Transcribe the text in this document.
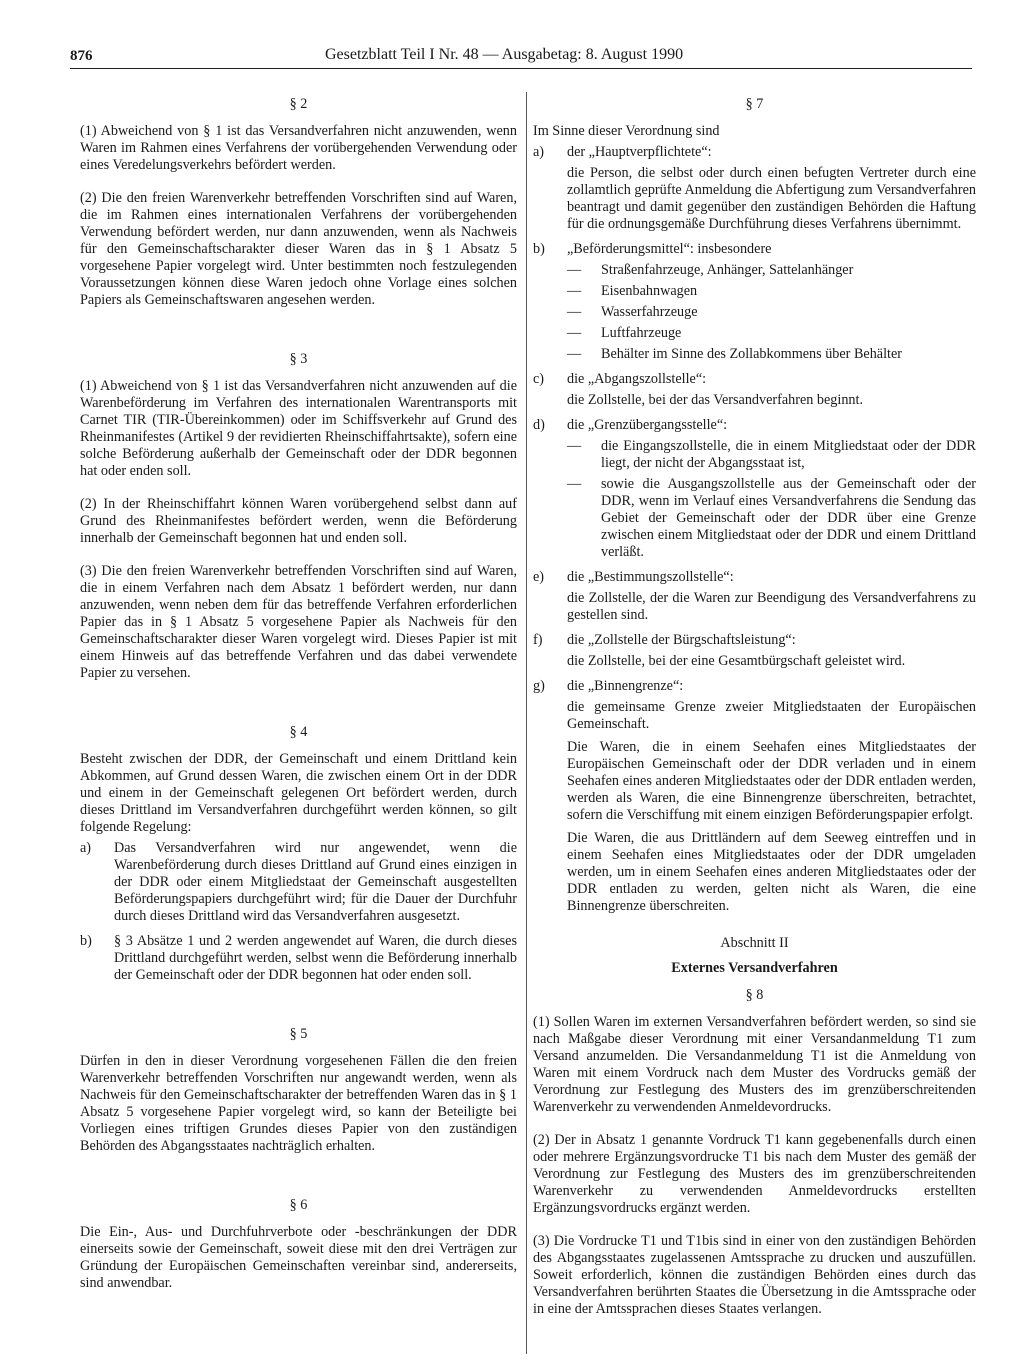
876	Gesetzblatt Teil I Nr. 48 — Ausgabetag: 8. August 1990
§ 2

(1) Abweichend von § 1 ist das Versandverfahren nicht anzuwenden, wenn Waren im Rahmen eines Verfahrens der vorübergehenden Verwendung oder eines Veredelungsverkehrs befördert werden.

(2) Die den freien Warenverkehr betreffenden Vorschriften sind auf Waren, die im Rahmen eines internationalen Verfahrens der vorübergehenden Verwendung befördert werden, nur dann anzuwenden, wenn als Nachweis für den Gemeinschaftscharakter dieser Waren das in § 1 Absatz 5 vorgesehene Papier vorgelegt wird. Unter bestimmten noch festzulegenden Voraussetzungen können diese Waren jedoch ohne Vorlage eines solchen Papiers als Gemeinschaftswaren angesehen werden.

§ 3

(1) Abweichend von § 1 ist das Versandverfahren nicht anzuwenden auf die Warenbeförderung im Verfahren des internationalen Warentransports mit Carnet TIR (TIR-Übereinkommen) oder im Schiffsverkehr auf Grund des Rheinmanifestes (Artikel 9 der revidierten Rheinschiffahrtsakte), sofern eine solche Beförderung außerhalb der Gemeinschaft oder der DDR begonnen hat oder enden soll.

(2) In der Rheinschiffahrt können Waren vorübergehend selbst dann auf Grund des Rheinmanifestes befördert werden, wenn die Beförderung innerhalb der Gemeinschaft begonnen hat und enden soll.

(3) Die den freien Warenverkehr betreffenden Vorschriften sind auf Waren, die in einem Verfahren nach dem Absatz 1 befördert werden, nur dann anzuwenden, wenn neben dem für das betreffende Verfahren erforderlichen Papier das in § 1 Absatz 5 vorgesehene Papier als Nachweis für den Gemeinschaftscharakter dieser Waren vorgelegt wird. Dieses Papier ist mit einem Hinweis auf das betreffende Verfahren und das dabei verwendete Papier zu versehen.

§ 4

Besteht zwischen der DDR, der Gemeinschaft und einem Drittland kein Abkommen, auf Grund dessen Waren, die zwischen einem Ort in der DDR und einem in der Gemeinschaft gelegenen Ort befördert werden, durch dieses Drittland im Versandverfahren durchgeführt werden können, so gilt folgende Regelung:

a) Das Versandverfahren wird nur angewendet, wenn die Warenbeförderung durch dieses Drittland auf Grund eines einzigen in der DDR oder einem Mitgliedstaat der Gemeinschaft ausgestellten Beförderungspapiers durchgeführt wird; für die Dauer der Durchfuhr durch dieses Drittland wird das Versandverfahren ausgesetzt.
b) § 3 Absätze 1 und 2 werden angewendet auf Waren, die durch dieses Drittland durchgeführt werden, selbst wenn die Beförderung innerhalb der Gemeinschaft oder der DDR begonnen hat oder enden soll.
§ 5

Dürfen in den in dieser Verordnung vorgesehenen Fällen die den freien Warenverkehr betreffenden Vorschriften nur angewandt werden, wenn als Nachweis für den Gemeinschaftscharakter der betreffenden Waren das in § 1 Absatz 5 vorgesehene Papier vorgelegt wird, so kann der Beteiligte bei Vorliegen eines triftigen Grundes dieses Papier von den zuständigen Behörden des Abgangsstaates nachträglich erhalten.

§ 6

Die Ein-, Aus- und Durchfuhrverbote oder -beschränkungen der DDR einerseits sowie der Gemeinschaft, soweit diese mit den drei Verträgen zur Gründung der Europäischen Gemeinschaften vereinbar sind, andererseits, sind anwendbar.

§ 7

Im Sinne dieser Verordnung sind

a) der „Hauptverpflichtete“:

die Person, die selbst oder durch einen befugten Vertreter durch eine zollamtlich geprüfte Anmeldung die Abfertigung zum Versandverfahren beantragt und damit gegenüber den zuständigen Behörden die Haftung für die ordnungsgemäße Durchführung dieses Verfahrens übernimmt.

b) „Beförderungsmittel“: insbesondere
— Straßenfahrzeuge, Anhänger, Sattelanhänger
— Eisenbahnwagen
— Wasserfahrzeuge
— Luftfahrzeuge
— Behälter im Sinne des Zollabkommens über Behälter
c) die „Abgangszollstelle“:

die Zollstelle, bei der das Versandverfahren beginnt.

d) die „Grenzübergangsstelle“:
— die Eingangszollstelle, die in einem Mitgliedstaat oder der DDR liegt, der nicht der Abgangsstaat ist,
— sowie die Ausgangszollstelle aus der Gemeinschaft oder der DDR, wenn im Verlauf eines Versandverfahrens die Sendung das Gebiet der Gemeinschaft oder der DDR über eine Grenze zwischen einem Mitgliedstaat oder der DDR und einem Drittland verläßt.
e) die „Bestimmungszollstelle“:

die Zollstelle, der die Waren zur Beendigung des Versandverfahrens zu gestellen sind.

f) die „Zollstelle der Bürgschaftsleistung“:

die Zollstelle, bei der eine Gesamtbürgschaft geleistet wird.

g) die „Binnengrenze“:

die gemeinsame Grenze zweier Mitgliedstaaten der Europäischen Gemeinschaft.

Die Waren, die in einem Seehafen eines Mitgliedstaates der Europäischen Gemeinschaft oder der DDR verladen und in einem Seehafen eines anderen Mitgliedstaates oder der DDR entladen werden, werden als Waren, die eine Binnengrenze überschreiten, betrachtet, sofern die Verschiffung mit einem einzigen Beförderungspapier erfolgt.

Die Waren, die aus Drittländern auf dem Seeweg eintreffen und in einem Seehafen eines Mitgliedstaates oder der DDR umgeladen werden, um in einem Seehafen eines anderen Mitgliedstaates oder der DDR entladen zu werden, gelten nicht als Waren, die eine Binnengrenze überschreiten.

Abschnitt II
Externes Versandverfahren
§ 8

(1) Sollen Waren im externen Versandverfahren befördert werden, so sind sie nach Maßgabe dieser Verordnung mit einer Versandanmeldung T1 zum Versand anzumelden. Die Versandanmeldung T1 ist die Anmeldung von Waren mit einem Vordruck nach dem Muster des Vordrucks gemäß der Verordnung zur Festlegung des Musters des im grenzüberschreitenden Warenverkehr zu verwendenden Anmeldevordrucks.

(2) Der in Absatz 1 genannte Vordruck T1 kann gegebenenfalls durch einen oder mehrere Ergänzungsvordrucke T1 bis nach dem Muster des gemäß der Verordnung zur Festlegung des Musters des im grenzüberschreitenden Warenverkehr zu verwendenden Anmeldevordrucks erstellten Ergänzungsvordrucks ergänzt werden.

(3) Die Vordrucke T1 und T1bis sind in einer von den zuständigen Behörden des Abgangsstaates zugelassenen Amtssprache zu drucken und auszufüllen. Soweit erforderlich, können die zuständigen Behörden eines durch das Versandverfahren berührten Staates die Übersetzung in die Amtssprache oder in eine der Amtssprachen dieses Staates verlangen.
